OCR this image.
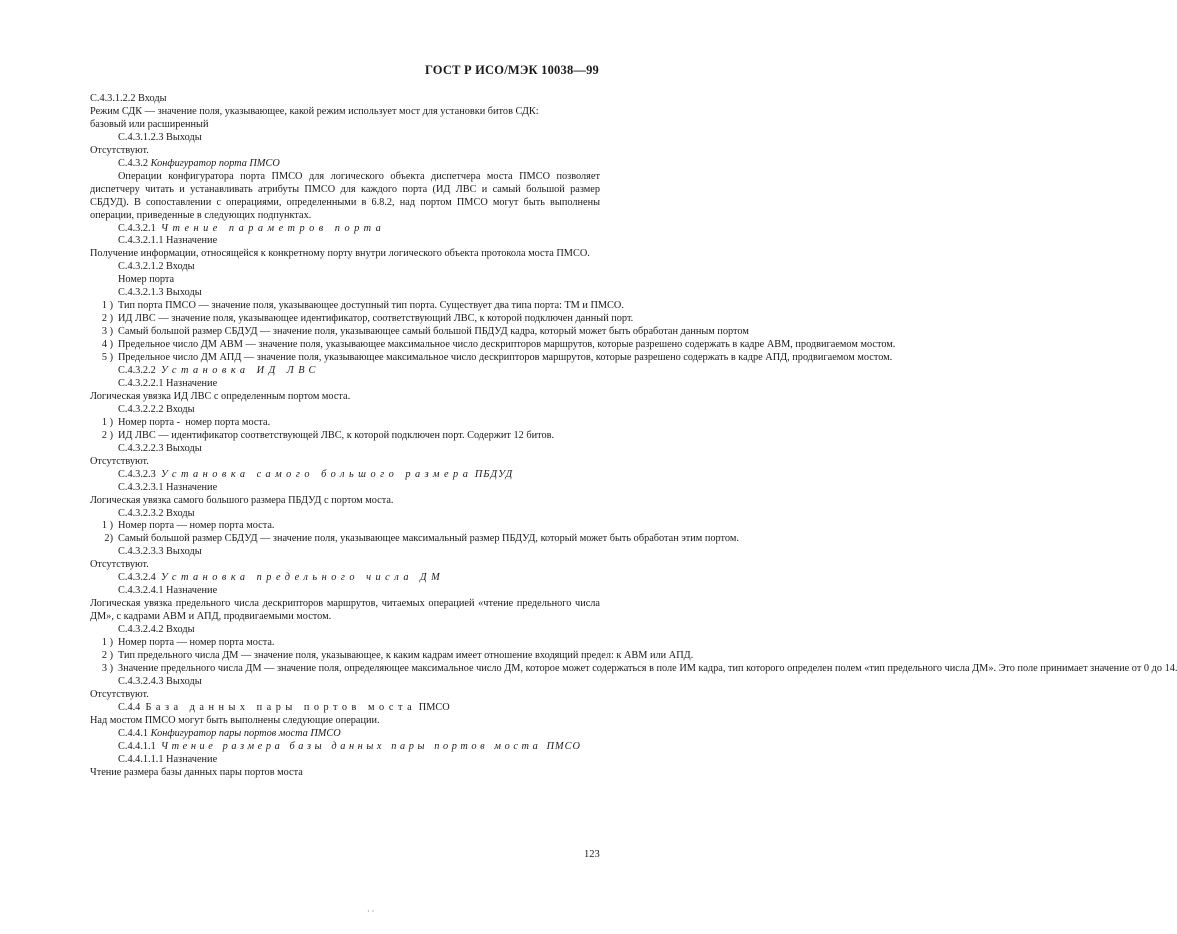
ГОСТ Р ИСО/МЭК 10038—99
С.4.3.1.2.2 Входы
Режим СДК — значение поля, указывающее, какой режим использует мост для установки битов СДК:
базовый или расширенный
С.4.3.1.2.3 Выходы
Отсутствуют.
С.4.3.2 Конфигуратор порта ПМСО
Операции конфигуратора порта ПМСО для логического объекта диспетчера моста ПМСО позволяет диспетчеру читать и устанавливать атрибуты ПМСО для каждого порта (ИД ЛВС и самый большой размер СБДУД). В сопоставлении с операциями, определенными в 6.8.2, над портом ПМСО могут быть выполнены операции, приведенные в следующих подпунктах.
С.4.3.2.1 Чтение параметров порта
С.4.3.2.1.1 Назначение
Получение информации, относящейся к конкретному порту внутри логического объекта протокола моста ПМСО.
С.4.3.2.1.2 Входы
Номер порта
С.4.3.2.1.3 Выходы
1 ) Тип порта ПМСО — значение поля, указывающее доступный тип порта. Существует два типа порта: ТМ и ПМСО.
2 ) ИД ЛВС — значение поля, указывающее идентификатор, соответствующий ЛВС, к которой подключен данный порт.
3 ) Самый большой размер СБДУД — значение поля, указывающее самый большой ПБДУД кадра, который может быть обработан данным портом
4 ) Предельное число ДМ АВМ — значение поля, указывающее максимальное число дескрипторов маршрутов, которые разрешено содержать в кадре АВМ, продвигаемом мостом.
5 ) Предельное число ДМ АПД — значение поля, указывающее максимальное число дескрипторов маршрутов, которые разрешено содержать в кадре АПД, продвигаемом мостом.
С.4.3.2.2 Установка ИД ЛВС
С.4.3.2.2.1 Назначение
Логическая увязка ИД ЛВС с определенным портом моста.
С.4.3.2.2.2 Входы
1 ) Номер порта -  номер порта моста.
2 ) ИД ЛВС — идентификатор соответствующей ЛВС, к которой подключен порт. Содержит 12 битов.
С.4.3.2.2.3 Выходы
Отсутствуют.
С.4.3.2.3 Установка самого большого размера ПБДУД
С.4.3.2.3.1 Назначение
Логическая увязка самого большого размера ПБДУД с портом моста.
С.4.3.2.3.2 Входы
1 ) Номер порта — номер порта моста.
2) Самый большой размер СБДУД — значение поля, указывающее максимальный размер ПБДУД, который может быть обработан этим портом.
С.4.3.2.3.3 Выходы
Отсутствуют.
С.4.3.2.4 Установка предельного числа ДМ
С.4.3.2.4.1 Назначение
Логическая увязка предельного числа дескрипторов маршрутов, читаемых операцией «чтение предельного числа ДМ», с кадрами АВМ и АПД, продвигаемыми мостом.
С.4.3.2.4.2 Входы
1 ) Номер порта — номер порта моста.
2 ) Тип предельного числа ДМ — значение поля, указывающее, к каким кадрам имеет отношение входящий предел: к АВМ или АПД.
3 ) Значение предельного числа ДМ — значение поля, определяющее максимальное число ДМ, которое может содержаться в поле ИМ кадра, тип которого определен полем «тип предельного числа ДМ». Это поле принимает значение от 0 до 14.
С.4.3.2.4.3 Выходы
Отсутствуют.
С.4.4 База данных пары портов моста ПМСО
Над мостом ПМСО могут быть выполнены следующие операции.
С.4.4.1 Конфигуратор пары портов моста ПМСО
С.4.4.1.1 Чтение размера базы данных пары портов моста ПМСО
С.4.4.1.1.1 Назначение
Чтение размера базы данных пары портов моста
123
· ·
